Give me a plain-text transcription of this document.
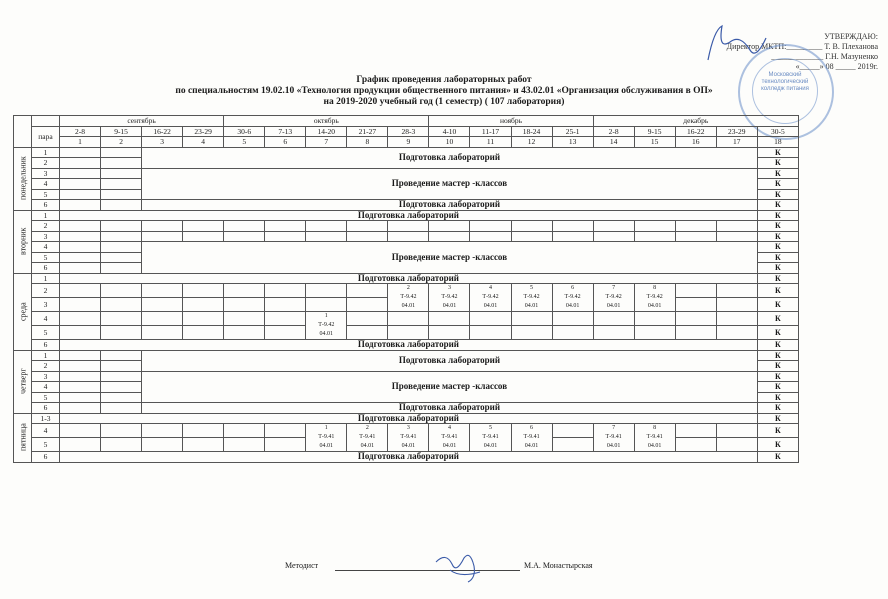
УТВЕРЖДАЮ:
Директор МКТП:_________ Т. В. Плеханова
_____________ Г.Н. Мазуненко
«_____» 08 _____ 2019г.
Московский технологический колледж питания
График проведения лабораторных работ
по специальностям 19.02.10 «Технология продукции общественного питания» и 43.02.01 «Организация обслуживания в ОП»
на 2019-2020 учебный год (1 семестр) ( 107 лаборатория)
		сентябрь				октябрь					ноябрь				декабрь				
	пара	2-8	9-15	16-22	23-29	30-6	7-13	14-20	21-27	28-3	4-10	11-17	18-24	25-1	2-8	9-15	16-22	23-29	30-5
		1	2	3	4	5	6	7	8	9	10	11	12	13	14	15	16	17	18
понедельник	1			Подготовка лабораторий															К
	2																		К
	3			Проведение мастер -классов															К
	4																		К
	5																		К
	6			Подготовка лабораторий															К
вторник	1	Подготовка лабораторий																	К
	2																		К
	3																		К
	4			Проведение мастер -классов															К
	5																		К
	6																		К
среда	1	Подготовка лабораторий																	К
	2									2
Т-9.42
04.01	3
Т-9.42
04.01	4
Т-9.42
04.01	5
Т-9.42
04.01	6
Т-9.42
04.01	7
Т-9.42
04.01	8
Т-9.42
04.01			К
	3																		К
	4							1
Т-9.42
04.01											К
	5																		К
	6	Подготовка лабораторий																	К
четверг	1			Подготовка лабораторий															К
	2																		К
	3			Проведение мастер -классов															К
	4																		К
	5																		К
	6			Подготовка лабораторий															К
пятница	1-3	Подготовка лабораторий																	К
	4							1
Т-9.41
04.01	2
Т-9.41
04.01	3
Т-9.41
04.01	4
Т-9.41
04.01	5
Т-9.41
04.01	6
Т-9.41
04.01		7
Т-9.41
04.01	8
Т-9.41
04.01			К
	5																		К
	6	Подготовка лабораторий																	К
Методист	М.А. Монастырская
